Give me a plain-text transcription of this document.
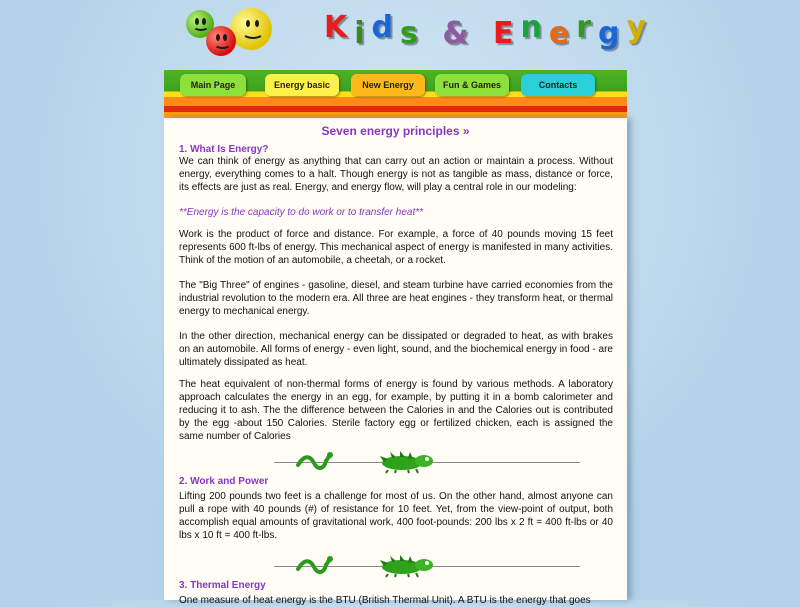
Kids & Energy
Main Page	Energy basic	New Energy	Fun & Games	Contacts
Seven energy principles »
1. What Is Energy?
We can think of energy as anything that can carry out an action or maintain a process. Without energy, everything comes to a halt. Though energy is not as tangible as mass, distance or force, its effects are just as real. Energy, and energy flow, will play a central role in our modeling:
**Energy is the capacity to do work or to transfer heat**
Work is the product of force and distance. For example, a force of 40 pounds moving 15 feet represents 600 ft-lbs of energy. This mechanical aspect of energy is manifested in many activities. Think of the motion of an automobile, a cheetah, or a rocket.
The "Big Three" of engines - gasoline, diesel, and steam turbine have carried economies from the industrial revolution to the modern era. All three are heat engines - they transform heat, or thermal energy to mechanical energy.
In the other direction, mechanical energy can be dissipated or degraded to heat, as with brakes on an automobile. All forms of energy - even light, sound, and the biochemical energy in food - are ultimately dissipated as heat.
The heat equivalent of non-thermal forms of energy is found by various methods. A laboratory approach calculates the energy in an egg, for example, by putting it in a bomb calorimeter and reducing it to ash. The the difference between the Calories in and the Calories out is contributed by the egg -about 150 Calories. Sterile factory egg or fertilized chicken, each is assigned the same number of Calories
2. Work and Power
Lifting 200 pounds two feet is a challenge for most of us. On the other hand, almost anyone can pull a rope with 40 pounds (#) of resistance for 10 feet. Yet, from the view-point of output, both accomplish equal amounts of gravitational work, 400 foot-pounds: 200 lbs x 2 ft = 400 ft-lbs or 40 lbs x 10 ft = 400 ft-lbs.
3. Thermal Energy
One measure of heat energy is the BTU (British Thermal Unit). A BTU is the energy that goes
